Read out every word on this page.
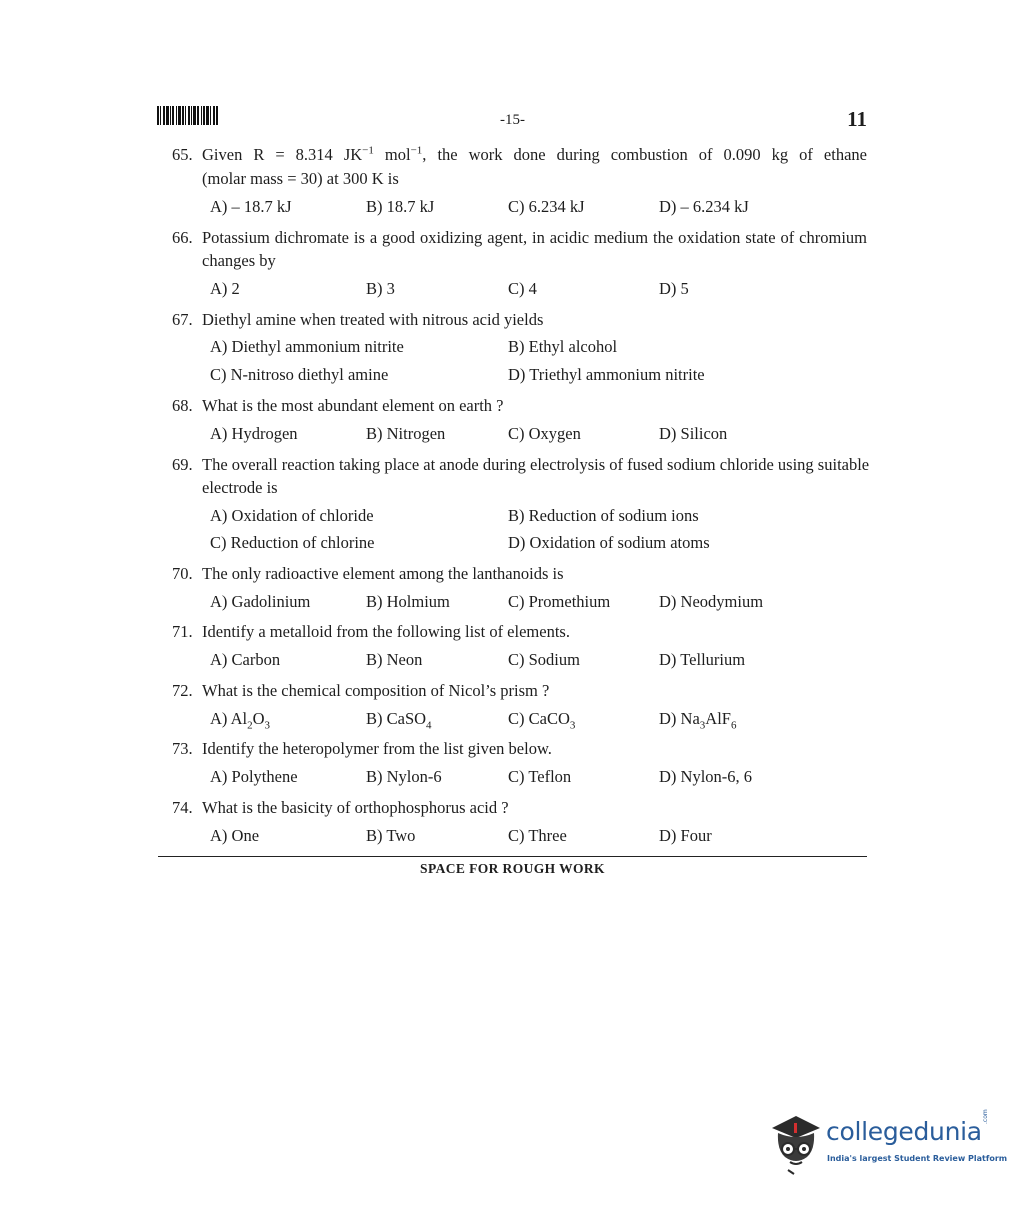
-15-	11
65. Given R = 8.314 $JK^{-1}$ mol$^{-1}$, the work done during combustion of 0.090 kg of ethane
(molar mass = 30) at 300 K is
A) – 18.7 kJ	B) 18.7 kJ	C) 6.234 kJ	D) – 6.234 kJ
66. Potassium dichromate is a good oxidizing agent, in acidic medium the oxidation state of chromium
changes by
A) 2	B) 3	C) 4	D) 5
67. Diethyl amine when treated with nitrous acid yields
A) Diethyl ammonium nitrite	B) Ethyl alcohol
C) N-nitroso diethyl amine	D) Triethyl ammonium nitrite
68. What is the most abundant element on earth ?
A) Hydrogen	B) Nitrogen	C) Oxygen	D) Silicon
69. The overall reaction taking place at anode during electrolysis of fused sodium chloride using suitable
electrode is
A) Oxidation of chloride	B) Reduction of sodium ions
C) Reduction of chlorine	D) Oxidation of sodium atoms
70. The only radioactive element among the lanthanoids is
A) Gadolinium	B) Holmium	C) Promethium	D) Neodymium
71. Identify a metalloid from the following list of elements.
A) Carbon	B) Neon	C) Sodium	D) Tellurium
72. What is the chemical composition of Nicol’s prism ?
A) $Al_2O_3$	B) CaSO$_4$	C) CaCO$_3$	D) $Na_3AlF_6$
73. Identify the heteropolymer from the list given below.
A) Polythene	B) Nylon-6	C) Teflon	D) Nylon-6, 6
74. What is the basicity of orthophosphorus acid ?
A) One	B) Two	C) Three	D) Four
SPACE FOR ROUGH WORK
collegedunia
.com
India's largest Student Review Platform
